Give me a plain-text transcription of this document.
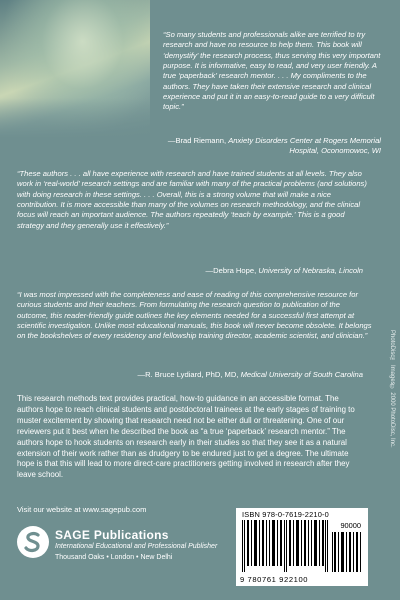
“So many students and professionals alike are terrified to try research and have no resource to help them. This book will ‘demystify’ the research process, thus serving this very important purpose. It is informative, easy to read, and very user friendly. A true ‘paperback’ research mentor. . . . My compliments to the authors. They have taken their extensive research and clinical experience and put it in an easy-to-read guide to a very difficult topic.”

—Brad Riemann, Anxiety Disorders Center at Rogers Memorial Hospital, Oconomowoc, WI

“These authors . . . all have experience with research and have trained students at all levels. They also work in ‘real-world’ research settings and are familiar with many of the practical problems (and solutions) with doing research in these settings. . . . Overall, this is a strong volume that will make a nice contribution. It is more accessible than many of the volumes on research methodology, and the clinical focus will reach an important audience. The authors repeatedly ‘teach by example.’ This is a good strategy and they generally use it effectively.”

—Debra Hope, University of Nebraska, Lincoln

“I was most impressed with the completeness and ease of reading of this comprehensive resource for curious students and their teachers. From formulating the research question to publication of the outcome, this reader-friendly guide outlines the key elements needed for a successful first attempt at scientific investigation. Unlike most educational manuals, this book will never become obsolete. It belongs on the bookshelves of every residency and fellowship training director, academic scientist, and clinician.”

—R. Bruce Lydiard, PhD, MD, Medical University of South Carolina

This research methods text provides practical, how-to guidance in an accessible format. The authors hope to reach clinical students and postdoctoral trainees at the early stages of training to muster excitement by showing that research need not be either dull or threatening. One of our reviewers put it best when he described the book as “a true ‘paperback’ research mentor.” The authors hope to hook students on research early in their studies so that they see it as a natural extension of their work rather than as drudgery to be endured just to get a degree. The ultimate hope is that this will lead to more direct-care practitioners getting involved in research after they leave school.

Visit our website at www.sagepub.com
SAGE Publications
International Educational and Professional Publisher
Thousand Oaks • London • New Delhi
ISBN 978-0-7619-2210-0
90000
9 780761 922100
PhotoDisc™ Images© 2000 PhotoDisc, Inc.
